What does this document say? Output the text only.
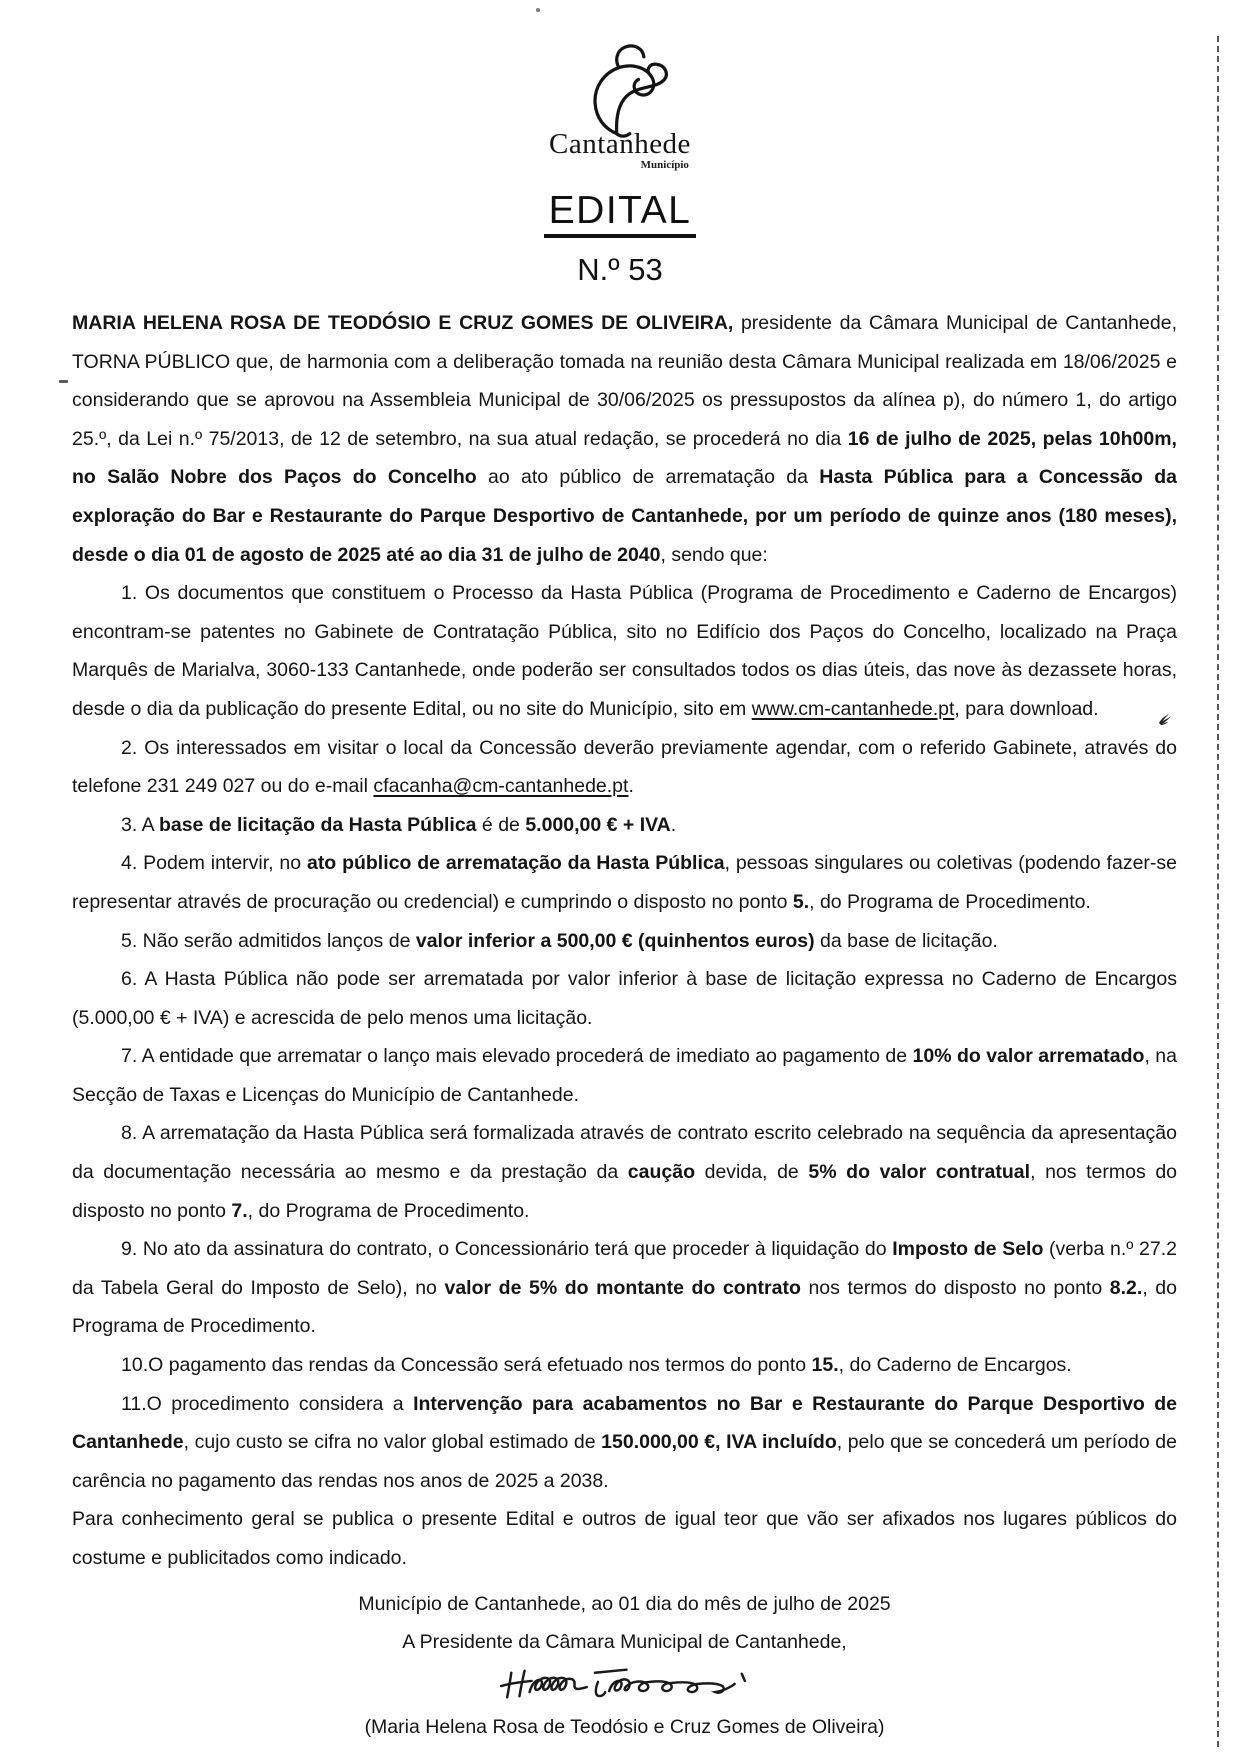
Cantanhede
Município
EDITAL
N.º 53

MARIA HELENA ROSA DE TEODÓSIO E CRUZ GOMES DE OLIVEIRA, presidente da Câmara Municipal de Cantanhede, TORNA PÚBLICO que, de harmonia com a deliberação tomada na reunião desta Câmara Municipal realizada em 18/06/2025 e considerando que se aprovou na Assembleia Municipal de 30/06/2025 os pressupostos da alínea p), do número 1, do artigo 25.º, da Lei n.º 75/2013, de 12 de setembro, na sua atual redação, se procederá no dia 16 de julho de 2025, pelas 10h00m, no Salão Nobre dos Paços do Concelho ao ato público de arrematação da Hasta Pública para a Concessão da exploração do Bar e Restaurante do Parque Desportivo de Cantanhede, por um período de quinze anos (180 meses), desde o dia 01 de agosto de 2025 até ao dia 31 de julho de 2040, sendo que:

1. Os documentos que constituem o Processo da Hasta Pública (Programa de Procedimento e Caderno de Encargos) encontram-se patentes no Gabinete de Contratação Pública, sito no Edifício dos Paços do Concelho, localizado na Praça Marquês de Marialva, 3060-133 Cantanhede, onde poderão ser consultados todos os dias úteis, das nove às dezassete horas, desde o dia da publicação do presente Edital, ou no site do Município, sito em www.cm-cantanhede.pt, para download.

2. Os interessados em visitar o local da Concessão deverão previamente agendar, com o referido Gabinete, através do telefone 231 249 027 ou do e-mail cfacanha@cm-cantanhede.pt.

3. A base de licitação da Hasta Pública é de 5.000,00 € + IVA.

4. Podem intervir, no ato público de arrematação da Hasta Pública, pessoas singulares ou coletivas (podendo fazer-se representar através de procuração ou credencial) e cumprindo o disposto no ponto 5., do Programa de Procedimento.

5. Não serão admitidos lanços de valor inferior a 500,00 € (quinhentos euros) da base de licitação.

6. A Hasta Pública não pode ser arrematada por valor inferior à base de licitação expressa no Caderno de Encargos (5.000,00 € + IVA) e acrescida de pelo menos uma licitação.

7. A entidade que arrematar o lanço mais elevado procederá de imediato ao pagamento de 10% do valor arrematado, na Secção de Taxas e Licenças do Município de Cantanhede.

8. A arrematação da Hasta Pública será formalizada através de contrato escrito celebrado na sequência da apresentação da documentação necessária ao mesmo e da prestação da caução devida, de 5% do valor contratual, nos termos do disposto no ponto 7., do Programa de Procedimento.

9. No ato da assinatura do contrato, o Concessionário terá que proceder à liquidação do Imposto de Selo (verba n.º 27.2 da Tabela Geral do Imposto de Selo), no valor de 5% do montante do contrato nos termos do disposto no ponto 8.2., do Programa de Procedimento.

10.O pagamento das rendas da Concessão será efetuado nos termos do ponto 15., do Caderno de Encargos.

11.O procedimento considera a Intervenção para acabamentos no Bar e Restaurante do Parque Desportivo de Cantanhede, cujo custo se cifra no valor global estimado de 150.000,00 €, IVA incluído, pelo que se concederá um período de carência no pagamento das rendas nos anos de 2025 a 2038.

Para conhecimento geral se publica o presente Edital e outros de igual teor que vão ser afixados nos lugares públicos do costume e publicitados como indicado.

Município de Cantanhede, ao 01 dia do mês de julho de 2025

A Presidente da Câmara Municipal de Cantanhede,

(Maria Helena Rosa de Teodósio e Cruz Gomes de Oliveira)
